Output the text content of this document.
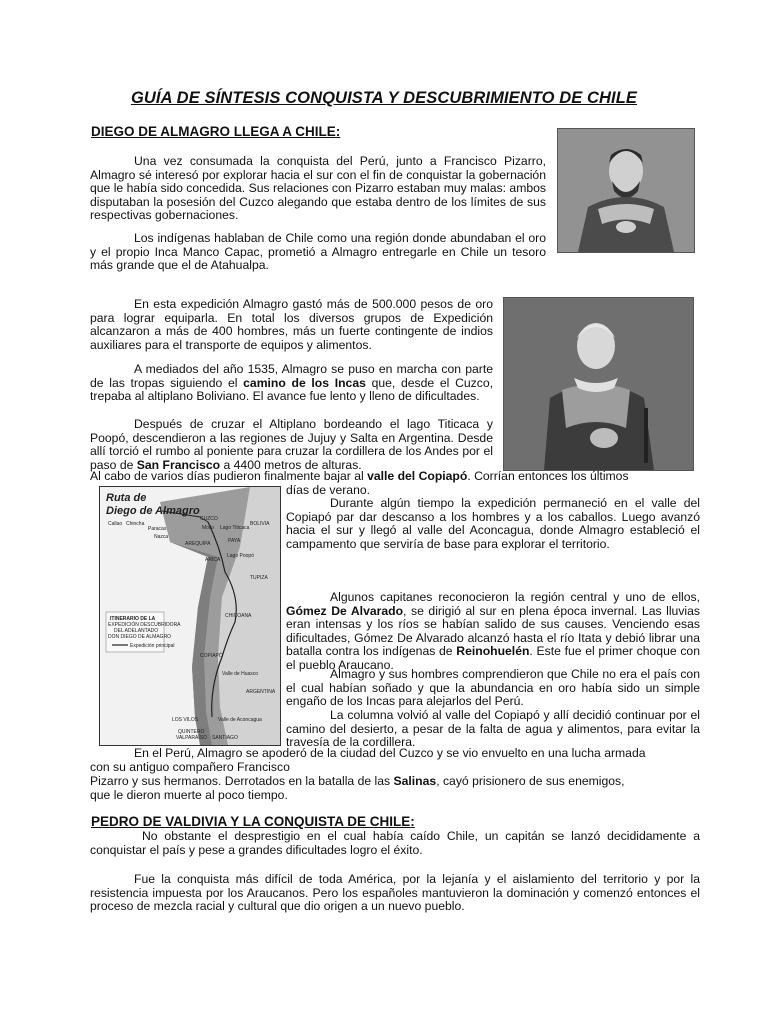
GUÍA DE SÍNTESIS CONQUISTA Y DESCUBRIMIENTO DE CHILE
DIEGO DE ALMAGRO LLEGA A CHILE:

Una vez consumada la conquista del Perú, junto a Francisco Pizarro, Almagro sé interesó por explorar hacia el sur con el fin de conquistar la gobernación que le había sido concedida. Sus relaciones con Pizarro estaban muy malas: ambos disputaban la posesión del Cuzco alegando que estaba dentro de los límites de sus respectivas gobernaciones.

Los indígenas hablaban de Chile como una región donde abundaban el oro y el propio Inca Manco Capac, prometió a Almagro entregarle en Chile un tesoro más grande que el de Atahualpa.

En esta expedición Almagro gastó más de 500.000 pesos de oro para lograr equiparla. En total los diversos grupos de Expedición alcanzaron a más de 400 hombres, más un fuerte contingente de indios auxiliares para el transporte de equipos y alimentos.

A mediados del año 1535, Almagro se puso en marcha con parte de las tropas siguiendo el camino de los Incas que, desde el Cuzco, trepaba al altiplano Boliviano. El avance fue lento y lleno de dificultades.

Después de cruzar el Altiplano bordeando el lago Titicaca y Poopó, descendieron a las regiones de Jujuy y Salta en Argentina. Desde allí torció el rumbo al poniente para cruzar la cordillera de los Andes por el paso de San Francisco a 4400 metros de alturas.

Al cabo de varios días pudieron finalmente bajar al valle del Copiapó. Corrían entonces los últimos
días de verano.
Ruta de
Diego de Almagro
ITINERARIO DE LA
EXPEDICIÓN DESCUBRIDORA
DEL ADELANTADO
DON DIEGO DE ALMAGRO
Expedición principal
Callao Chincha
Paracas
Nazca
CUZCO
Mollo Lago Titicaca
PAYA
BOLIVIA
AREQUIPA
ARICA
Lago Poopó
TUPIZA
CHICOANA
COPIAPÓ
Valle de Huasco
ARGENTINA
LOS VILOS	Valle de Aconcagua
QUINTERO
VALPARAÍSO SANTIAGO

Durante algún tiempo la expedición permaneció en el valle del Copiapó par dar descanso a los hombres y a los caballos. Luego avanzó hacia el sur y llegó al valle del Aconcagua, donde Almagro estableció el campamento que serviría de base para explorar el territorio.

Algunos capitanes reconocieron la región central y uno de ellos, Gómez De Alvarado, se dirigió al sur en plena época invernal. Las lluvias eran intensas y los ríos se habían salido de sus causes. Venciendo esas dificultades, Gómez De Alvarado alcanzó hasta el río Itata y debió librar una batalla contra los indígenas de Reinohuelén. Este fue el primer choque con el pueblo Araucano.

Almagro y sus hombres comprendieron que Chile no era el país con el cual habían soñado y que la abundancia en oro había sido un simple engaño de los Incas para alejarlos del Perú.

La columna volvió al valle del Copiapó y allí decidió continuar por el camino del desierto, a pesar de la falta de agua y alimentos, para evitar la travesía de la cordillera.

En el Perú, Almagro se apoderó de la ciudad del Cuzco y se vio envuelto en una lucha armada
con su antiguo compañero Francisco
Pizarro y sus hermanos. Derrotados en la batalla de las Salinas, cayó prisionero de sus enemigos,
que le dieron muerte al poco tiempo.
PEDRO DE VALDIVIA Y LA CONQUISTA DE CHILE:

No obstante el desprestigio en el cual había caído Chile, un capitán se lanzó decididamente a conquistar el país y pese a grandes dificultades logro el éxito.

Fue la conquista más difícil de toda América, por la lejanía y el aislamiento del territorio y por la resistencia impuesta por los Araucanos. Pero los españoles mantuvieron la dominación y comenzó entonces el proceso de mezcla racial y cultural que dio origen a un nuevo pueblo.
